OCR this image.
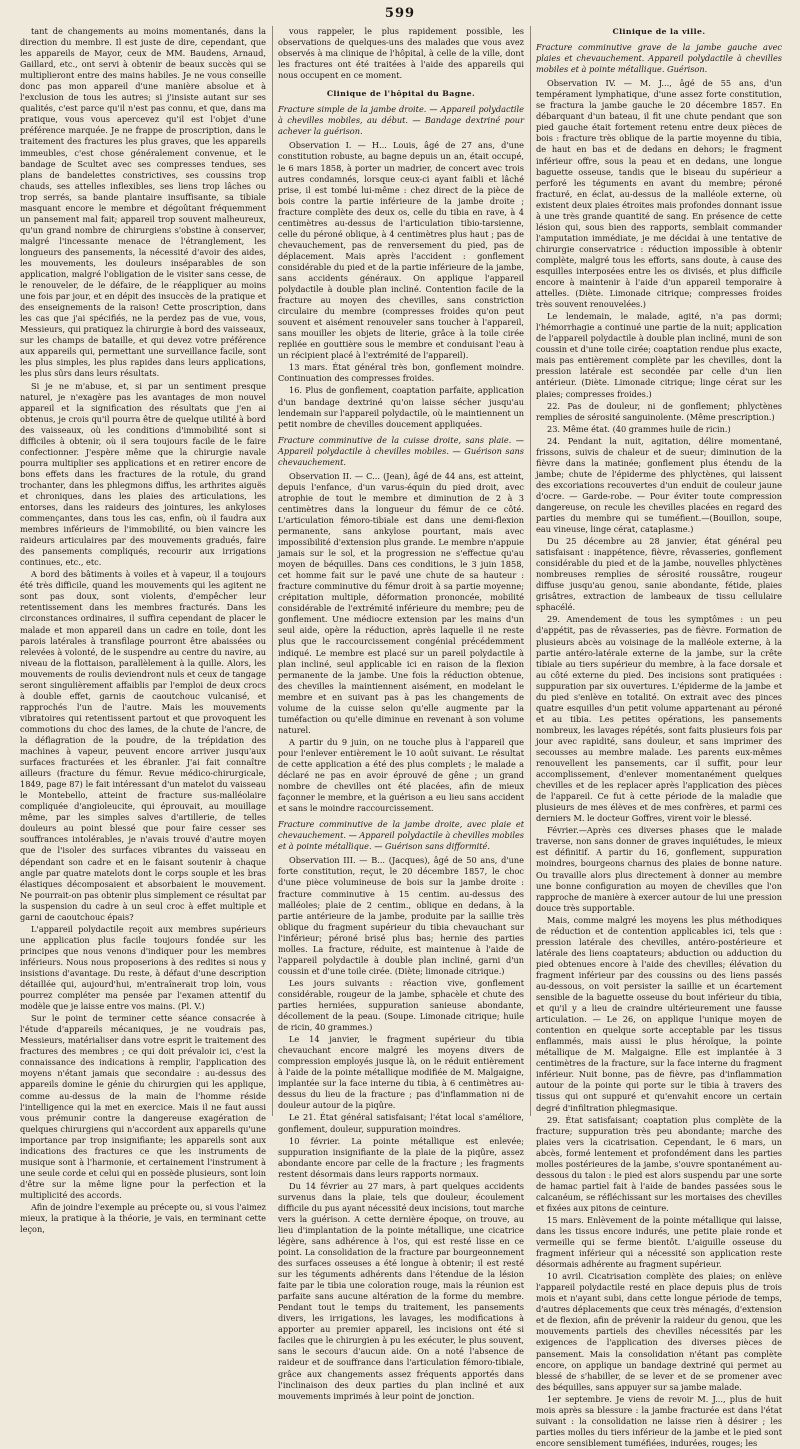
599

tant de changements au moins momentanés, dans la direction du membre. Il est juste de dire, cependant, que les appareils de Mayor, ceux de MM. Baudens, Arnaud, Gaillard, etc., ont servi à obtenir de beaux succès qui se multiplieront entre des mains habiles. Je ne vous conseille donc pas mon appareil d'une manière absolue et à l'exclusion de tous les autres; si j'insiste autant sur ses qualités, c'est parce qu'il n'est pas connu, et que, dans ma pratique, vous vous apercevez qu'il est l'objet d'une préférence marquée. Je ne frappe de proscription, dans le traitement des fractures les plus graves, que les appareils immeubles, c'est chose généralement convenue, et le bandage de Scultet avec ses compresses tendues, ses plans de bandelettes constrictives, ses coussins trop chauds, ses attelles inflexibles, ses liens trop lâches ou trop serrés, sa bande plantaire insuffisante, sa tibiale masquant encore le membre et dégoûtant fréquemment un pansement mal fait; appareil trop souvent malheureux, qu'un grand nombre de chirurgiens s'obstine à conserver, malgré l'incessante menace de l'étranglement, les longueurs des pansements, la nécessité d'avoir des aides, les mouvements, les douleurs inséparables de son application, malgré l'obligation de le visiter sans cesse, de le renouveler, de le défaire, de le réappliquer au moins une fois par jour, et en dépit des insuccès de la pratique et des enseignements de la raison! Cette proscription, dans les cas que j'ai spécifiés, ne la perdez pas de vue, vous, Messieurs, qui pratiquez la chirurgie à bord des vaisseaux, sur les champs de bataille, et qui devez votre préférence aux appareils qui, permettant une surveillance facile, sont les plus simples, les plus rapides dans leurs applications, les plus sûrs dans leurs résultats.

Si je ne m'abuse, et, si par un sentiment presque naturel, je n'exagère pas les avantages de mon nouvel appareil et la signification des résultats que j'en ai obtenus, je crois qu'il pourra être de quelque utilité à bord des vaisseaux, où les conditions d'immobilité sont si difficiles à obtenir, où il sera toujours facile de le faire confectionner. J'espère même que la chirurgie navale pourra multiplier ses applications et en retirer encore de bons effets dans les fractures de la rotule, du grand trochanter, dans les phlegmons diffus, les arthrites aiguës et chroniques, dans les plaies des articulations, les entorses, dans les raideurs des jointures, les ankyloses commençantes, dans tous les cas, enfin, où il faudra aux membres inférieurs de l'immobilité, ou bien vaincre les raideurs articulaires par des mouvements gradués, faire des pansements compliqués, recourir aux irrigations continues, etc., etc.

A bord des bâtiments à voiles et à vapeur, il a toujours été très difficile, quand les mouvements qui les agitent ne sont pas doux, sont violents, d'empêcher leur retentissement dans les membres fracturés. Dans les circonstances ordinaires, il suffira cependant de placer le malade et mon appareil dans un cadre en toile, dont les parois latérales à transfilage pourront être abaissées ou relevées à volonté, de le suspendre au centre du navire, au niveau de la flottaison, parallèlement à la quille. Alors, les mouvements de roulis deviendront nuls et ceux de tangage seront singulièrement affaiblis par l'emploi de deux crocs à double effet, garnis de caoutchouc vulcanisé, et rapprochés l'un de l'autre. Mais les mouvements vibratoires qui retentissent partout et que provoquent les commotions du choc des lames, de la chute de l'ancre, de la déflagration de la poudre, de la trépidation des machines à vapeur, peuvent encore arriver jusqu'aux surfaces fracturées et les ébranler. J'ai fait connaître ailleurs (fracture du fémur. Revue médico-chirurgicale, 1849, page 87) le fait intéressant d'un matelot du vaisseau le Montebello, atteint de fracture sus-malléolaire compliquée d'angioleucite, qui éprouvait, au mouillage même, par les simples salves d'artillerie, de telles douleurs au point blessé que pour faire cesser ses souffrances intolérables, je n'avais trouvé d'autre moyen que de l'isoler des surfaces vibrantes du vaisseau en dépendant son cadre et en le faisant soutenir à chaque angle par quatre matelots dont le corps souple et les bras élastiques décomposaient et absorbaient le mouvement. Ne pourrait-on pas obtenir plus simplement ce résultat par la suspension du cadre à un seul croc à effet multiple et garni de caoutchouc épais?

L'appareil polydactile reçoit aux membres supérieurs une application plus facile toujours fondée sur les principes que nous venons d'indiquer pour les membres inférieurs. Nous nous proposerions à des redites si nous y insistions d'avantage. Du reste, à défaut d'une description détaillée qui, aujourd'hui, m'entraînerait trop loin, vous pourrez compléter ma pensée par l'examen attentif du modèle que je laisse entre vos mains. (Pl. V.)

Sur le point de terminer cette séance consacrée à l'étude d'appareils mécaniques, je ne voudrais pas, Messieurs, matérialiser dans votre esprit le traitement des fractures des membres ; ce qui doit prévaloir ici, c'est la connaissance des indications à remplir, l'application des moyens n'étant jamais que secondaire : au-dessus des appareils domine le génie du chirurgien qui les applique, comme au-dessus de la main de l'homme réside l'intelligence qui la met en exercice. Mais il ne faut aussi vous prémunir contre la dangereuse exagération de quelques chirurgiens qui n'accordent aux appareils qu'une importance par trop insignifiante; les appareils sont aux indications des fractures ce que les instruments de musique sont à l'harmonie, et certainement l'instrument à une seule corde et celui qui en possède plusieurs, sont loin d'être sur la même ligne pour la perfection et la multiplicité des accords.

Afin de joindre l'exemple au précepte ou, si vous l'aimez mieux, la pratique à la théorie, je vais, en terminant cette leçon,

vous rappeler, le plus rapidement possible, les observations de quelques-uns des malades que vous avez observés à ma clinique de l'hôpital, à celle de la ville, dont les fractures ont été traitées à l'aide des appareils qui nous occupent en ce moment.

Clinique de l'hôpital du Bagne.

Fracture simple de la jambe droite. — Appareil polydactile à chevilles mobiles, au début. — Bandage dextriné pour achever la guérison.

Observation I. — H... Louis, âgé de 27 ans, d'une constitution robuste, au bagne depuis un an, était occupé, le 6 mars 1858, à porter un madrier, de concert avec trois autres condamnés, lorsque ceux-ci ayant faibli et lâché prise, il est tombé lui-même : chez direct de la pièce de bois contre la partie inférieure de la jambe droite ; fracture complète des deux os, celle du tibia en rave, à 4 centimètres au-dessus de l'articulation tibio-tarsienne, celle du péroné oblique, à 4 centimètres plus haut ; pas de chevauchement, pas de renversement du pied, pas de déplacement. Mais après l'accident : gonflement considérable du pied et de la partie inférieure de la jambe, sans accidents généraux. On applique l'appareil polydactile à double plan incliné. Contention facile de la fracture au moyen des chevilles, sans constriction circulaire du membre (compresses froides qu'on peut souvent et aisément renouveler sans toucher à l'appareil, sans mouiller les objets de literie, grâce à la toile cirée repliée en gouttière sous le membre et conduisant l'eau à un récipient placé à l'extrémité de l'appareil).

13 mars. État général très bon, gonflement moindre. Continuation des compresses froides.

16. Plus de gonflement, coaptation parfaite, application d'un bandage dextriné qu'on laisse sécher jusqu'au lendemain sur l'appareil polydactile, où le maintiennent un petit nombre de chevilles doucement appliquées.

Fracture comminutive de la cuisse droite, sans plaie. — Appareil polydactile à chevilles mobiles. — Guérison sans chevauchement.

Observation II. — C... (Jean), âgé de 44 ans, est atteint, depuis l'enfance, d'un varus-équin du pied droit, avec atrophie de tout le membre et diminution de 2 à 3 centimètres dans la longueur du fémur de ce côté. L'articulation fémoro-tibiale est dans une demi-flexion permanente, sans ankylose pourtant, mais avec impossibilité d'extension plus grande. Le membre n'appuie jamais sur le sol, et la progression ne s'effectue qu'au moyen de béquilles. Dans ces conditions, le 3 juin 1858, cet homme fait sur le pavé une chute de sa hauteur : fracture comminutive du fémur droit à sa partie moyenne; crépitation multiple, déformation prononcée, mobilité considérable de l'extrémité inférieure du membre; peu de gonflement. Une médiocre extension par les mains d'un seul aide, opère la réduction, après laquelle il ne reste plus que le raccourcissement congénial précédemment indiqué. Le membre est placé sur un pareil polydactile à plan incliné, seul applicable ici en raison de la flexion permanente de la jambe. Une fois la réduction obtenue, des chevilles la maintiennent aisément, en modelant le membre et en suivant pas à pas les changements de volume de la cuisse selon qu'elle augmente par la tuméfaction ou qu'elle diminue en revenant à son volume naturel.

A partir du 9 juin, on ne touche plus à l'appareil que pour l'enlever entièrement le 10 août suivant. Le résultat de cette application a été des plus complets ; le malade a déclaré ne pas en avoir éprouvé de gêne ; un grand nombre de chevilles ont été placées, afin de mieux façonner le membre, et la guérison a eu lieu sans accident et sans le moindre raccourcissement.

Fracture comminutive de la jambe droite, avec plaie et chevauchement. — Appareil polydactile à chevilles mobiles et à pointe métallique. — Guérison sans difformité.

Observation III. — B... (Jacques), âgé de 50 ans, d'une forte constitution, reçut, le 20 décembre 1857, le choc d'une pièce volumineuse de bois sur la jambe droite : fracture comminutive à 15 centim. au-dessus des malléoles; plaie de 2 centim., oblique en dedans, à la partie antérieure de la jambe, produite par la saillie très oblique du fragment supérieur du tibia chevauchant sur l'inférieur; péroné brisé plus bas; hernie des parties molles. La fracture, réduite, est maintenue à l'aide de l'appareil polydactile à double plan incliné, garni d'un coussin et d'une toile cirée. (Diète; limonade citrique.)

Les jours suivants : réaction vive, gonflement considérable, rougeur de la jambe, sphacèle et chute des parties herniées, suppuration sanieuse abondante, décollement de la peau. (Soupe. Limonade citrique; huile de ricin, 40 grammes.)

Le 14 janvier, le fragment supérieur du tibia chevauchant encore malgré les moyens divers de compression employés jusque là, on le réduit entièrement à l'aide de la pointe métallique modifiée de M. Malgaigne, implantée sur la face interne du tibia, à 6 centimètres au-dessus du lieu de la fracture ; pas d'inflammation ni de douleur autour de la piqûre.

Le 21. État général satisfaisant; l'état local s'améliore, gonflement, douleur, suppuration moindres.

10 février. La pointe métallique est enlevée; suppuration insignifiante de la plaie de la piqûre, assez abondante encore par celle de la fracture ; les fragments restent désormais dans leurs rapports normaux.

Du 14 février au 27 mars, à part quelques accidents survenus dans la plaie, tels que douleur, écoulement difficile du pus ayant nécessité deux incisions, tout marche vers la guérison. A cette dernière époque, on trouve, au lieu d'implantation de la pointe métallique, une cicatrice légère, sans adhérence à l'os, qui est resté lisse en ce point. La consolidation de la fracture par bourgeonnement des surfaces osseuses a été longue à obtenir; il est resté sur les téguments adhérents dans l'étendue de la lésion faite par le tibia une coloration rouge, mais la réunion est parfaite sans aucune altération de la forme du membre. Pendant tout le temps du traitement, les pansements divers, les irrigations, les lavages, les modifications à apporter au premier appareil, les incisions ont été si faciles que le chirurgien à pu les exécuter, le plus souvent, sans le secours d'aucun aide. On a noté l'absence de raideur et de souffrance dans l'articulation fémoro-tibiale, grâce aux changements assez fréquents apportés dans l'inclinaison des deux parties du plan incliné et aux mouvements imprimés à leur point de jonction.

Clinique de la ville.

Fracture comminutive grave de la jambe gauche avec plaies et chevauchement. Appareil polydactile à chevilles mobiles et à pointe métallique. Guérison.

Observation IV. — M. J..., âgé de 55 ans, d'un tempérament lymphatique, d'une assez forte constitution, se fractura la jambe gauche le 20 décembre 1857. En débarquant d'un bateau, il fit une chute pendant que son pied gauche était fortement retenu entre deux pièces de bois : fracture très oblique de la partie moyenne du tibia, de haut en bas et de dedans en dehors; le fragment inférieur offre, sous la peau et en dedans, une longue baguette osseuse, tandis que le biseau du supérieur a perforé les téguments en avant du membre; péroné fracturé, en éclat, au-dessus de la malléole externe, où existent deux plaies étroites mais profondes donnant issue à une très grande quantité de sang. En présence de cette lésion qui, sous bien des rapports, semblait commander l'amputation immédiate, je me décidai à une tentative de chirurgie conservatrice : réduction impossible à obtenir complète, malgré tous les efforts, sans doute, à cause des esquilles interposées entre les os divisés, et plus difficile encore à maintenir à l'aide d'un appareil temporaire à attelles. (Diète. Limonade citrique; compresses froides très souvent renouvelées.)

Le lendemain, le malade, agité, n'a pas dormi; l'hémorrhagie a continué une partie de la nuit; application de l'appareil polydactile à double plan incliné, muni de son coussin et d'une toile cirée; coaptation rendue plus exacte, mais pas entièrement complète par les chevilles, dont la pression latérale est secondée par celle d'un lien antérieur. (Diète. Limonade citrique; linge cérat sur les plaies; compresses froides.)

22. Pas de douleur, ni de gonflement; phlyctènes remplies de sérosité sanguinolente. (Même prescription.)

23. Même état. (40 grammes huile de ricin.)

24. Pendant la nuit, agitation, délire momentané, frissons, suivis de chaleur et de sueur; diminution de la fièvre dans la matinée; gonflement plus étendu de la jambe; chute de l'épiderme des phlyctènes, qui laissent des excoriations recouvertes d'un enduit de couleur jaune d'ocre. — Garde-robe. — Pour éviter toute compression dangereuse, on recule les chevilles placées en regard des parties du membre qui se tuméfient.—(Bouillon, soupe, eau vineuse, linge cérat, cataplasme.)

Du 25 décembre au 28 janvier, état général peu satisfaisant : inappétence, fièvre, rêvasseries, gonflement considérable du pied et de la jambe, nouvelles phlyctènes nombreuses remplies de sérosité roussâtre, rougeur diffuse jusqu'au genou, sanie abondante, fétide, plaies grisâtres, extraction de lambeaux de tissu cellulaire sphacélé.

29. Amendement de tous les symptômes : un peu d'appétit, pas de rêvasseries, pas de fièvre. Formation de plusieurs abcès au voisinage de la malléole externe, à la partie antéro-latérale externe de la jambe, sur la crête tibiale au tiers supérieur du membre, à la face dorsale et au côté externe du pied. Des incisions sont pratiquées : suppuration par six ouvertures. L'épiderme de la jambe et du pied s'enlève en totalité. On extrait avec des pinces quatre esquilles d'un petit volume appartenant au péroné et au tibia. Les petites opérations, les pansements nombreux, les lavages répétés, sont faits plusieurs fois par jour avec rapidité, sans douleur, et sans imprimer des secousses au membre malade. Les parents eux-mêmes renouvellent les pansements, car il suffit, pour leur accomplissement, d'enlever momentanément quelques chevilles et de les replacer après l'application des pièces de l'appareil. Ce fut à cette période de la maladie que plusieurs de mes élèves et de mes confrères, et parmi ces derniers M. le docteur Goffres, virent voir le blessé.

Février.—Après ces diverses phases que le malade traverse, non sans donner de graves inquiétudes, le mieux est définitif. A partir du 16, gonflement, suppuration moindres, bourgeons charnus des plaies de bonne nature. Ou travaille alors plus directement à donner au membre une bonne configuration au moyen de chevilles que l'on rapproche de manière à exercer autour de lui une pression douce très supportable.

Mais, comme malgré les moyens les plus méthodiques de réduction et de contention applicables ici, tels que : pression latérale des chevilles, antéro-postérieure et latérale des liens coaptateurs; abduction ou adduction du pied obtenues encore à l'aide des chevilles; élévation du fragment inférieur par des coussins ou des liens passés au-dessous, on voit persister la saillie et un écartement sensible de la baguette osseuse du bout inférieur du tibia, et qu'il y a lieu de craindre ultérieurement une fausse articulation. — Le 26, on applique l'unique moyen de contention en quelque sorte acceptable par les tissus enflammés, mais aussi le plus héroïque, la pointe métallique de M. Malgaigne. Elle est implantée à 3 centimètres de la fracture, sur la face interne du fragment inférieur. Nuit bonne, pas de fièvre, pas d'inflammation autour de la pointe qui porte sur le tibia à travers des tissus qui ont suppuré et qu'envahit encore un certain degré d'infiltration phlegmasique.

29. État satisfaisant; coaptation plus complète de la fracture; suppuration très peu abondante; marche des plaies vers la cicatrisation. Cependant, le 6 mars, un abcès, formé lentement et profondément dans les parties molles postérieures de la jambe, s'ouvre spontanément au-dessous du talon : le pied est alors suspendu par une sorte de hamac partiel fait à l'aide de bandes passées sous le calcanéum, se réfléchissant sur les mortaises des chevilles et fixées aux pitons de ceinture.

15 mars. Enlèvement de la pointe métallique qui laisse, dans les tissus encore indurés, une petite plaie ronde et vermeille qui se ferme bientôt. L'aiguille osseuse du fragment inférieur qui a nécessité son application reste désormais adhérente au fragment supérieur.

10 avril. Cicatrisation complète des plaies; on enlève l'appareil polydactile resté en place depuis plus de trois mois et n'ayant subi, dans cette longue période de temps, d'autres déplacements que ceux très ménagés, d'extension et de flexion, afin de prévenir la raideur du genou, que les mouvements partiels des chevilles nécessités par les exigences de l'application des diverses pièces de pansement. Mais la consolidation n'étant pas complète encore, on applique un bandage dextriné qui permet au blessé de s'habiller, de se lever et de se promener avec des béquilles, sans appuyer sur sa jambe malade.

1er septembre. Je viens de revoir M. J..., plus de huit mois après sa blessure : la jambe fracturée est dans l'état suivant : la consolidation ne laisse rien à désirer ; les parties molles du tiers inférieur de la jambe et le pied sont encore sensiblement tuméfiées, indurées, rouges; les
